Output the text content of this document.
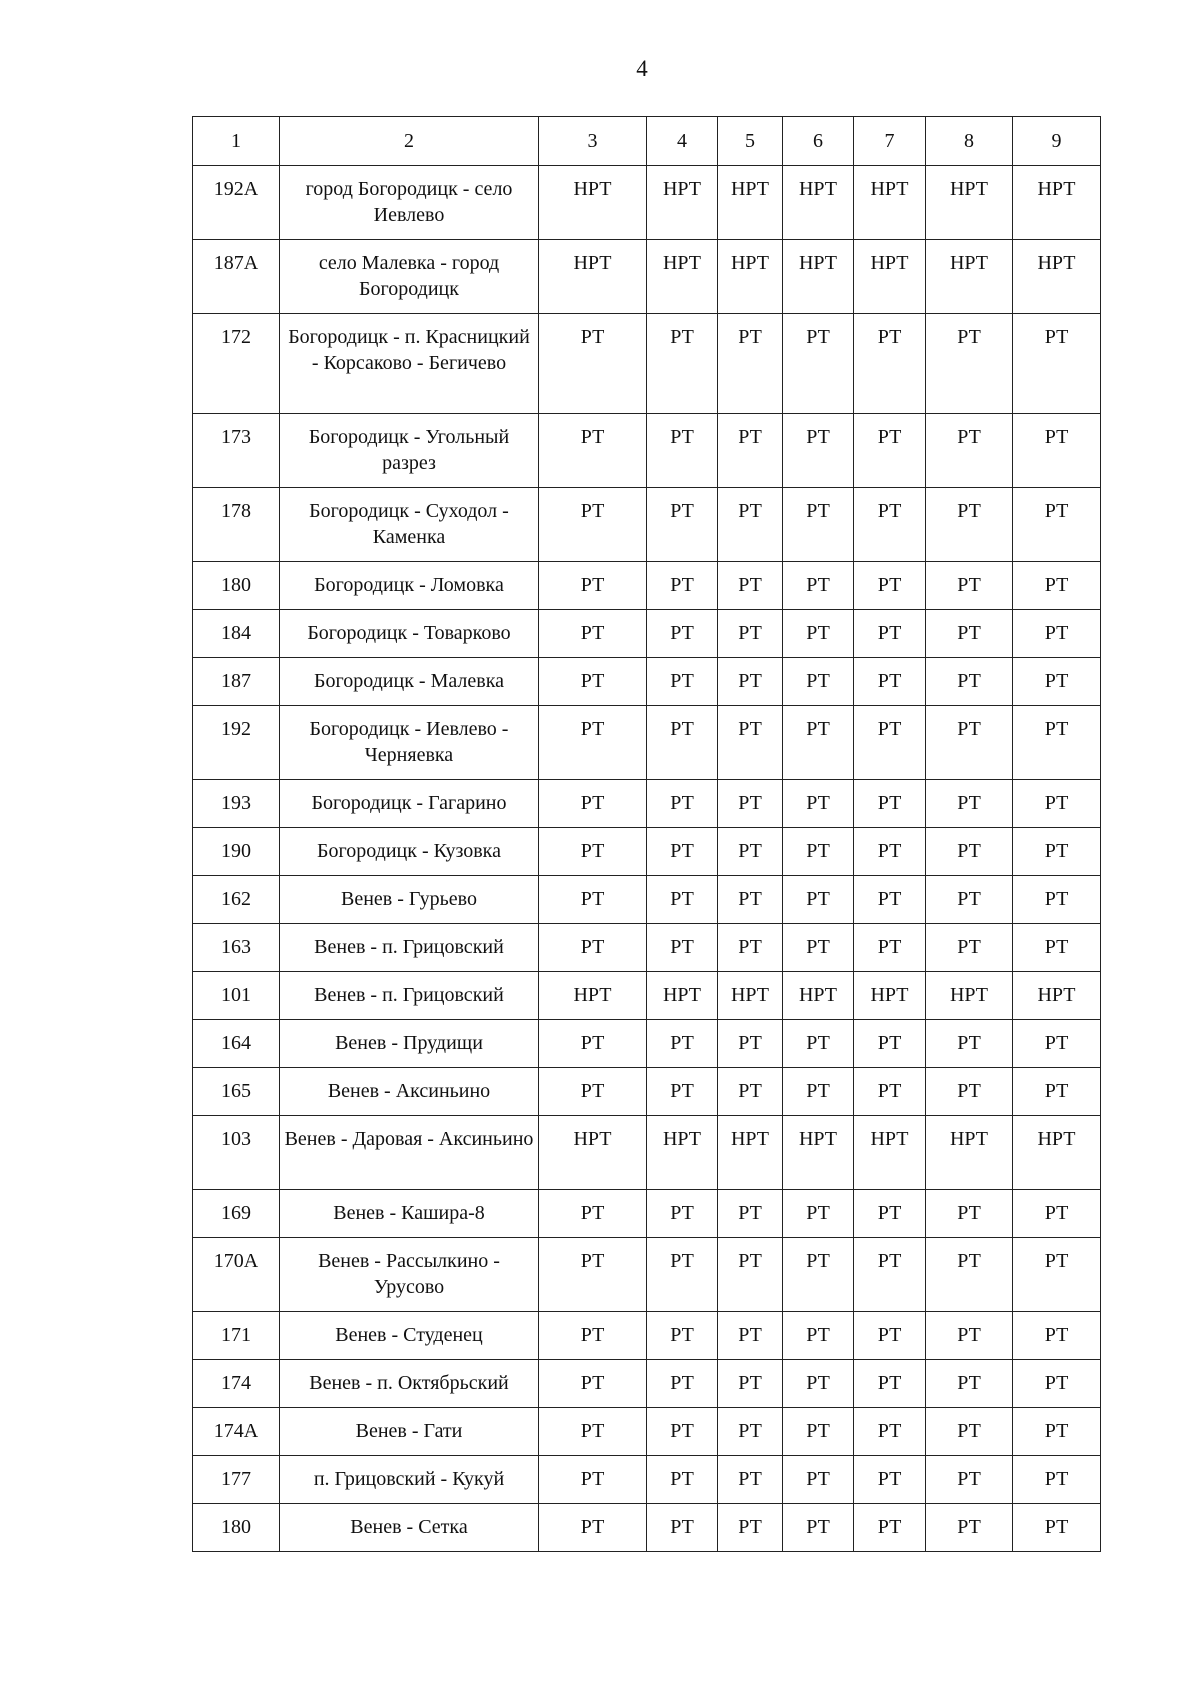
4
1	2	3	4	5	6	7	8	9
192А	город Богородицк - село Иевлево	НРТ	НРТ	НРТ	НРТ	НРТ	НРТ	НРТ
187А	село Малевка - город Богородицк	НРТ	НРТ	НРТ	НРТ	НРТ	НРТ	НРТ
172	Богородицк - п. Красницкий - Корсаково - Бегичево	РТ	РТ	РТ	РТ	РТ	РТ	РТ
173	Богородицк - Угольный разрез	РТ	РТ	РТ	РТ	РТ	РТ	РТ
178	Богородицк - Суходол - Каменка	РТ	РТ	РТ	РТ	РТ	РТ	РТ
180	Богородицк - Ломовка	РТ	РТ	РТ	РТ	РТ	РТ	РТ
184	Богородицк - Товарково	РТ	РТ	РТ	РТ	РТ	РТ	РТ
187	Богородицк - Малевка	РТ	РТ	РТ	РТ	РТ	РТ	РТ
192	Богородицк - Иевлево - Черняевка	РТ	РТ	РТ	РТ	РТ	РТ	РТ
193	Богородицк - Гагарино	РТ	РТ	РТ	РТ	РТ	РТ	РТ
190	Богородицк - Кузовка	РТ	РТ	РТ	РТ	РТ	РТ	РТ
162	Венев - Гурьево	РТ	РТ	РТ	РТ	РТ	РТ	РТ
163	Венев - п. Грицовский	РТ	РТ	РТ	РТ	РТ	РТ	РТ
101	Венев - п. Грицовский	НРТ	НРТ	НРТ	НРТ	НРТ	НРТ	НРТ
164	Венев - Прудищи	РТ	РТ	РТ	РТ	РТ	РТ	РТ
165	Венев - Аксиньино	РТ	РТ	РТ	РТ	РТ	РТ	РТ
103	Венев - Даровая - Аксиньино	НРТ	НРТ	НРТ	НРТ	НРТ	НРТ	НРТ
169	Венев - Кашира-8	РТ	РТ	РТ	РТ	РТ	РТ	РТ
170А	Венев - Рассылкино - Урусово	РТ	РТ	РТ	РТ	РТ	РТ	РТ
171	Венев - Студенец	РТ	РТ	РТ	РТ	РТ	РТ	РТ
174	Венев - п. Октябрьский	РТ	РТ	РТ	РТ	РТ	РТ	РТ
174А	Венев - Гати	РТ	РТ	РТ	РТ	РТ	РТ	РТ
177	п. Грицовский - Кукуй	РТ	РТ	РТ	РТ	РТ	РТ	РТ
180	Венев - Сетка	РТ	РТ	РТ	РТ	РТ	РТ	РТ
